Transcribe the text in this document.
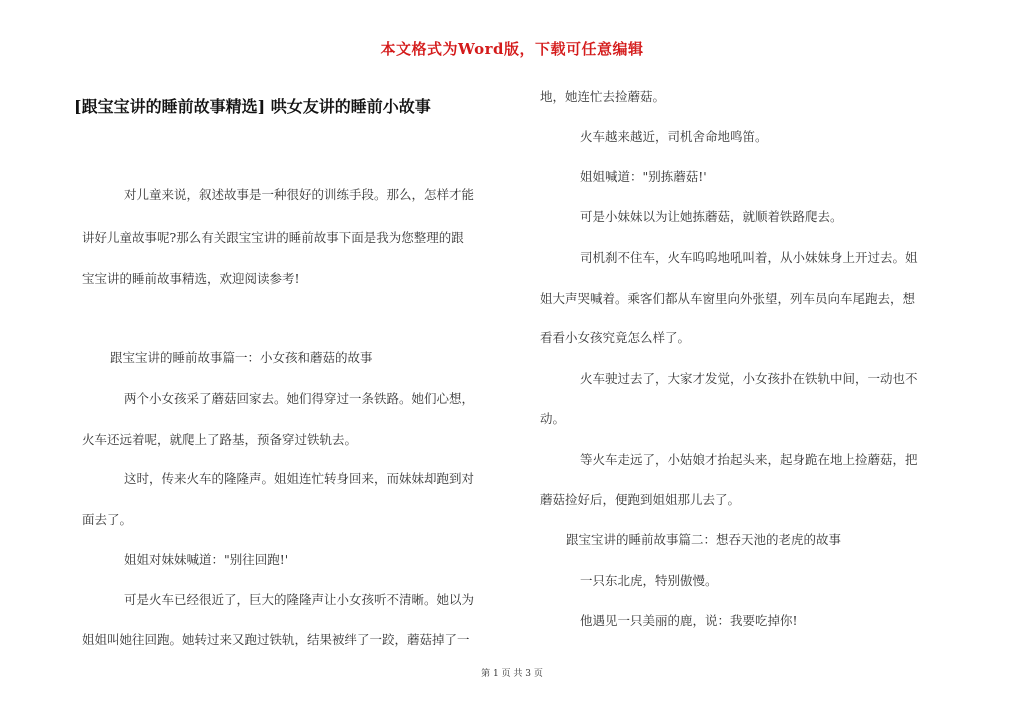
本文格式为Word版，下载可任意编辑
[跟宝宝讲的睡前故事精选] 哄女友讲的睡前小故事
对儿童来说，叙述故事是一种很好的训练手段。那么，怎样才能
讲好儿童故事呢?那么有关跟宝宝讲的睡前故事下面是我为您整理的跟
宝宝讲的睡前故事精选，欢迎阅读参考!
跟宝宝讲的睡前故事篇一：小女孩和蘑菇的故事
两个小女孩采了蘑菇回家去。她们得穿过一条铁路。她们心想，
火车还远着呢，就爬上了路基，预备穿过铁轨去。
这时，传来火车的隆隆声。姐姐连忙转身回来，而妹妹却跑到对
面去了。
姐姐对妹妹喊道："别往回跑!'
可是火车已经很近了，巨大的隆隆声让小女孩听不清晰。她以为
姐姐叫她往回跑。她转过来又跑过铁轨，结果被绊了一跤，蘑菇掉了一
地，她连忙去捡蘑菇。
火车越来越近，司机舍命地鸣笛。
姐姐喊道："别拣蘑菇!'
可是小妹妹以为让她拣蘑菇，就顺着铁路爬去。
司机刹不住车，火车呜呜地吼叫着，从小妹妹身上开过去。姐
姐大声哭喊着。乘客们都从车窗里向外张望，列车员向车尾跑去，想
看看小女孩究竟怎么样了。
火车驶过去了，大家才发觉，小女孩扑在铁轨中间，一动也不
动。
等火车走远了，小姑娘才抬起头来，起身跪在地上捡蘑菇，把
蘑菇捡好后，便跑到姐姐那儿去了。
跟宝宝讲的睡前故事篇二：想吞天池的老虎的故事
一只东北虎，特别傲慢。
他遇见一只美丽的鹿，说：我要吃掉你!
第 1 页 共 3 页
